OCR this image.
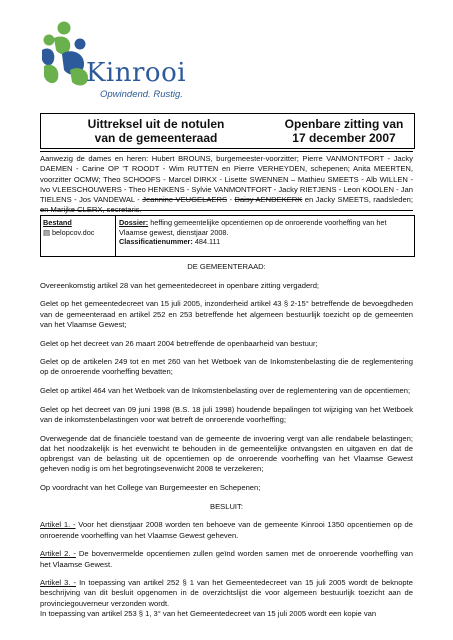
Kinrooi
Opwindend. Rustig.
Uittreksel uit de notulen
van de gemeenteraad
Openbare zitting van
17 december 2007
Aanwezig de dames en heren: Hubert BROUNS, burgemeester-voorzitter; Pierre VANMONTFORT - Jacky DAEMEN - Carine OP 'T ROODT - Wim RUTTEN en Pierre VERHEYDEN, schepenen; Anita MEERTEN, voorzitter OCMW; Theo SCHOOFS - Marcel DIRKX - Lisette SWENNEN – Mathieu SMEETS - Alb WILLEN - Ivo VLEESCHOUWERS - Theo HENKENS - Sylvie VANMONTFORT - Jacky RIETJENS - Leon KOOLEN - Jan TIELENS - Jos VANDEWAL - Jeannine VEUGELAERS - Daisy AENDEKERK en Jacky SMEETS, raadsleden; en Marijke CLERX, secretaris.
Bestand
▤ belopcov.doc
Dossier: heffing gemeentelijke opcentiemen op de onroerende voorheffing van het Vlaamse gewest, dienstjaar 2008.
Classificatienummer: 484.111

DE GEMEENTERAAD:

Overeenkomstig artikel 28 van het gemeentedecreet in openbare zitting vergaderd;

Gelet op het gemeentedecreet van 15 juli 2005, inzonderheid artikel 43 § 2-15° betreffende de bevoegdheden van de gemeenteraad en artikel 252 en 253 betreffende het algemeen bestuurlijk toezicht op de gemeenten van het Vlaamse Gewest;

Gelet op het decreet van 26 maart 2004 betreffende de openbaarheid van bestuur;

Gelet op de artikelen 249 tot en met 260 van het Wetboek van de Inkomstenbelasting die de reglementering op de onroerende voorheffing bevatten;

Gelet op artikel 464 van het Wetboek van de Inkomstenbelasting over de reglementering van de opcentiemen;

Gelet op het decreet van 09 juni 1998 (B.S. 18 juli 1998) houdende bepalingen tot wijziging van het Wetboek van de inkomstenbelastingen voor wat betreft de onroerende voorheffing;

Overwegende dat de financiële toestand van de gemeente de invoering vergt van alle rendabele belastingen; dat het noodzakelijk is het evenwicht te behouden in de gemeentelijke ontvangsten en uitgaven en dat de opbrengst van de belasting uit de opcentiemen op de onroerende voorheffing van het Vlaamse Gewest geheven nodig is om het begrotingsevenwicht 2008 te verzekeren;

Op voordracht van het College van Burgemeester en Schepenen;

BESLUIT:

Artikel 1. - Voor het dienstjaar 2008 worden ten behoeve van de gemeente Kinrooi 1350 opcentiemen op de onroerende voorheffing van het Vlaamse Gewest geheven.

Artikel 2. - De bovenvermelde opcentiemen zullen geïnd worden samen met de onroerende voorheffing van het Vlaamse Gewest.

Artikel 3. - In toepassing van artikel 252 § 1 van het Gemeentedecreet van 15 juli 2005 wordt de beknopte beschrijving van dit besluit opgenomen in de overzichtslijst die voor algemeen bestuurlijk toezicht aan de provinciegouverneur verzonden wordt.

In toepassing van artikel 253 § 1, 3° van het Gemeentedecreet van 15 juli 2005 wordt een kopie van
